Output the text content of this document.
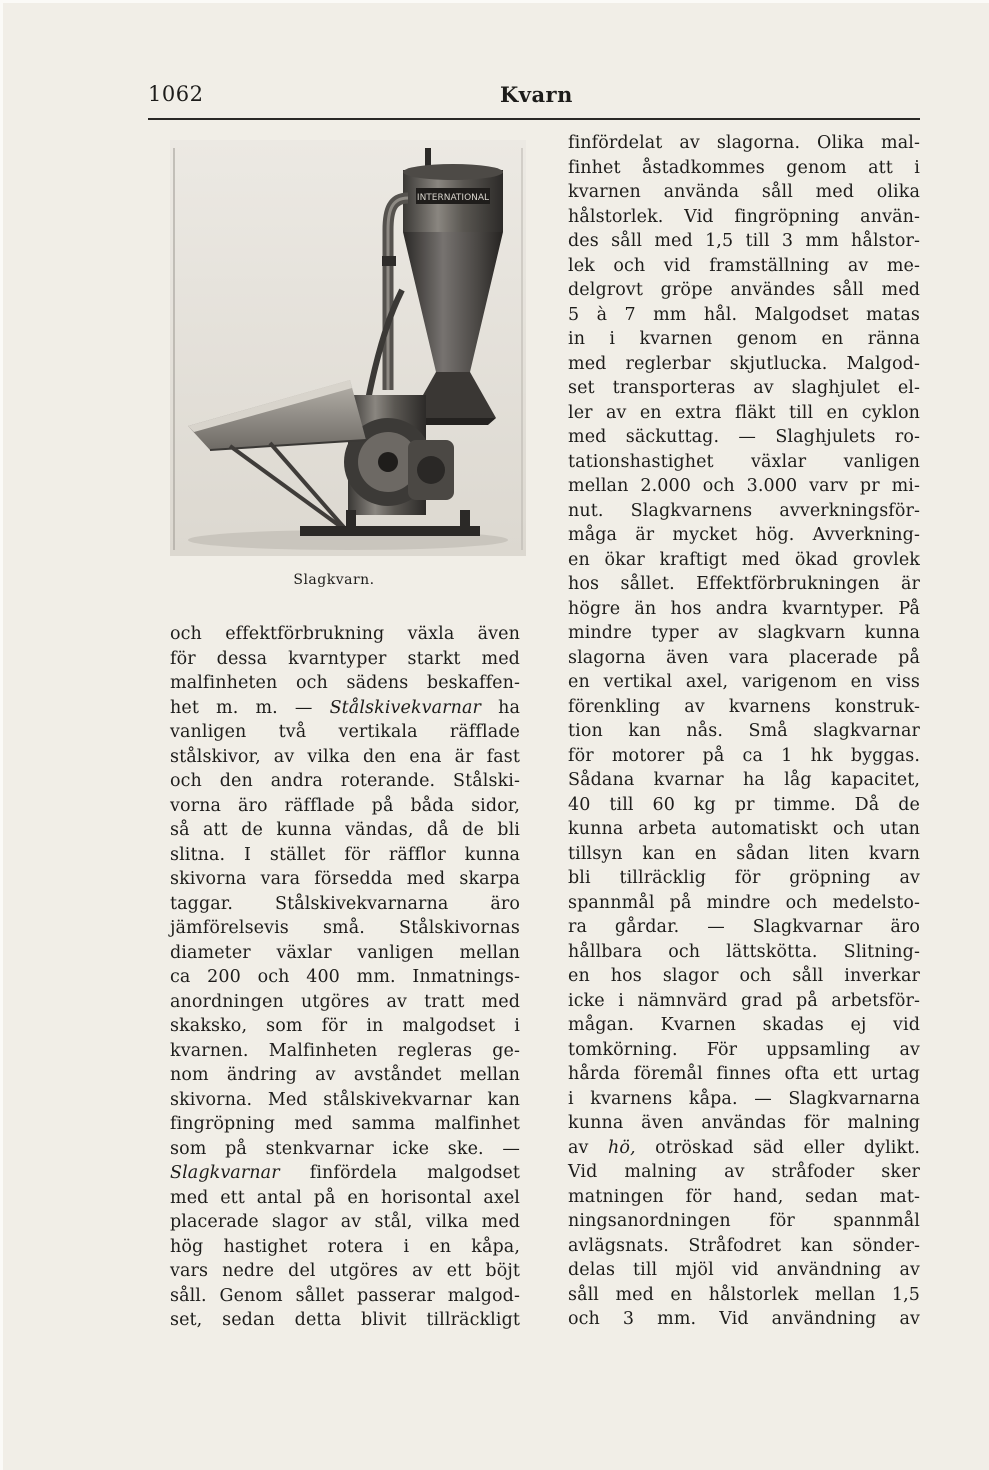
1062	Kvarn
INTERNATIONAL
Slagkvarn.
och effektförbrukning växla även
för dessa kvarntyper starkt med
malfinheten och sädens beskaffen-
het m. m. — Stålskivekvarnar ha
vanligen två vertikala räfflade
stålskivor, av vilka den ena är fast
och den andra roterande. Stålski-
vorna äro räfflade på båda sidor,
så att de kunna vändas, då de bli
slitna. I stället för räfflor kunna
skivorna vara försedda med skarpa
taggar. Stålskivekvarnarna äro
jämförelsevis små. Stålskivornas
diameter växlar vanligen mellan
ca 200 och 400 mm. Inmatnings-
anordningen utgöres av tratt med
skaksko, som för in malgodset i
kvarnen. Malfinheten regleras ge-
nom ändring av avståndet mellan
skivorna. Med stålskivekvarnar kan
fingröpning med samma malfinhet
som på stenkvarnar icke ske. —
Slagkvarnar finfördela malgodset
med ett antal på en horisontal axel
placerade slagor av stål, vilka med
hög hastighet rotera i en kåpa,
vars nedre del utgöres av ett böjt
såll. Genom sållet passerar malgod-
set, sedan detta blivit tillräckligt
finfördelat av slagorna. Olika mal-
finhet åstadkommes genom att i
kvarnen använda såll med olika
hålstorlek. Vid fingröpning använ-
des såll med 1,5 till 3 mm hålstor-
lek och vid framställning av me-
delgrovt gröpe användes såll med
5 à 7 mm hål. Malgodset matas
in i kvarnen genom en ränna
med reglerbar skjutlucka. Malgod-
set transporteras av slaghjulet el-
ler av en extra fläkt till en cyklon
med säckuttag. — Slaghjulets ro-
tationshastighet växlar vanligen
mellan 2.000 och 3.000 varv pr mi-
nut. Slagkvarnens avverkningsför-
måga är mycket hög. Avverkning-
en ökar kraftigt med ökad grovlek
hos sållet. Effektförbrukningen är
högre än hos andra kvarntyper. På
mindre typer av slagkvarn kunna
slagorna även vara placerade på
en vertikal axel, varigenom en viss
förenkling av kvarnens konstruk-
tion kan nås. Små slagkvarnar
för motorer på ca 1 hk byggas.
Sådana kvarnar ha låg kapacitet,
40 till 60 kg pr timme. Då de
kunna arbeta automatiskt och utan
tillsyn kan en sådan liten kvarn
bli tillräcklig för gröpning av
spannmål på mindre och medelsto-
ra gårdar. — Slagkvarnar äro
hållbara och lättskötta. Slitning-
en hos slagor och såll inverkar
icke i nämnvärd grad på arbetsför-
mågan. Kvarnen skadas ej vid
tomkörning. För uppsamling av
hårda föremål finnes ofta ett urtag
i kvarnens kåpa. — Slagkvarnarna
kunna även användas för malning
av hö, otröskad säd eller dylikt.
Vid malning av stråfoder sker
matningen för hand, sedan mat-
ningsanordningen för spannmål
avlägsnats. Stråfodret kan sönder-
delas till mjöl vid användning av
såll med en hålstorlek mellan 1,5
och 3 mm. Vid användning av
